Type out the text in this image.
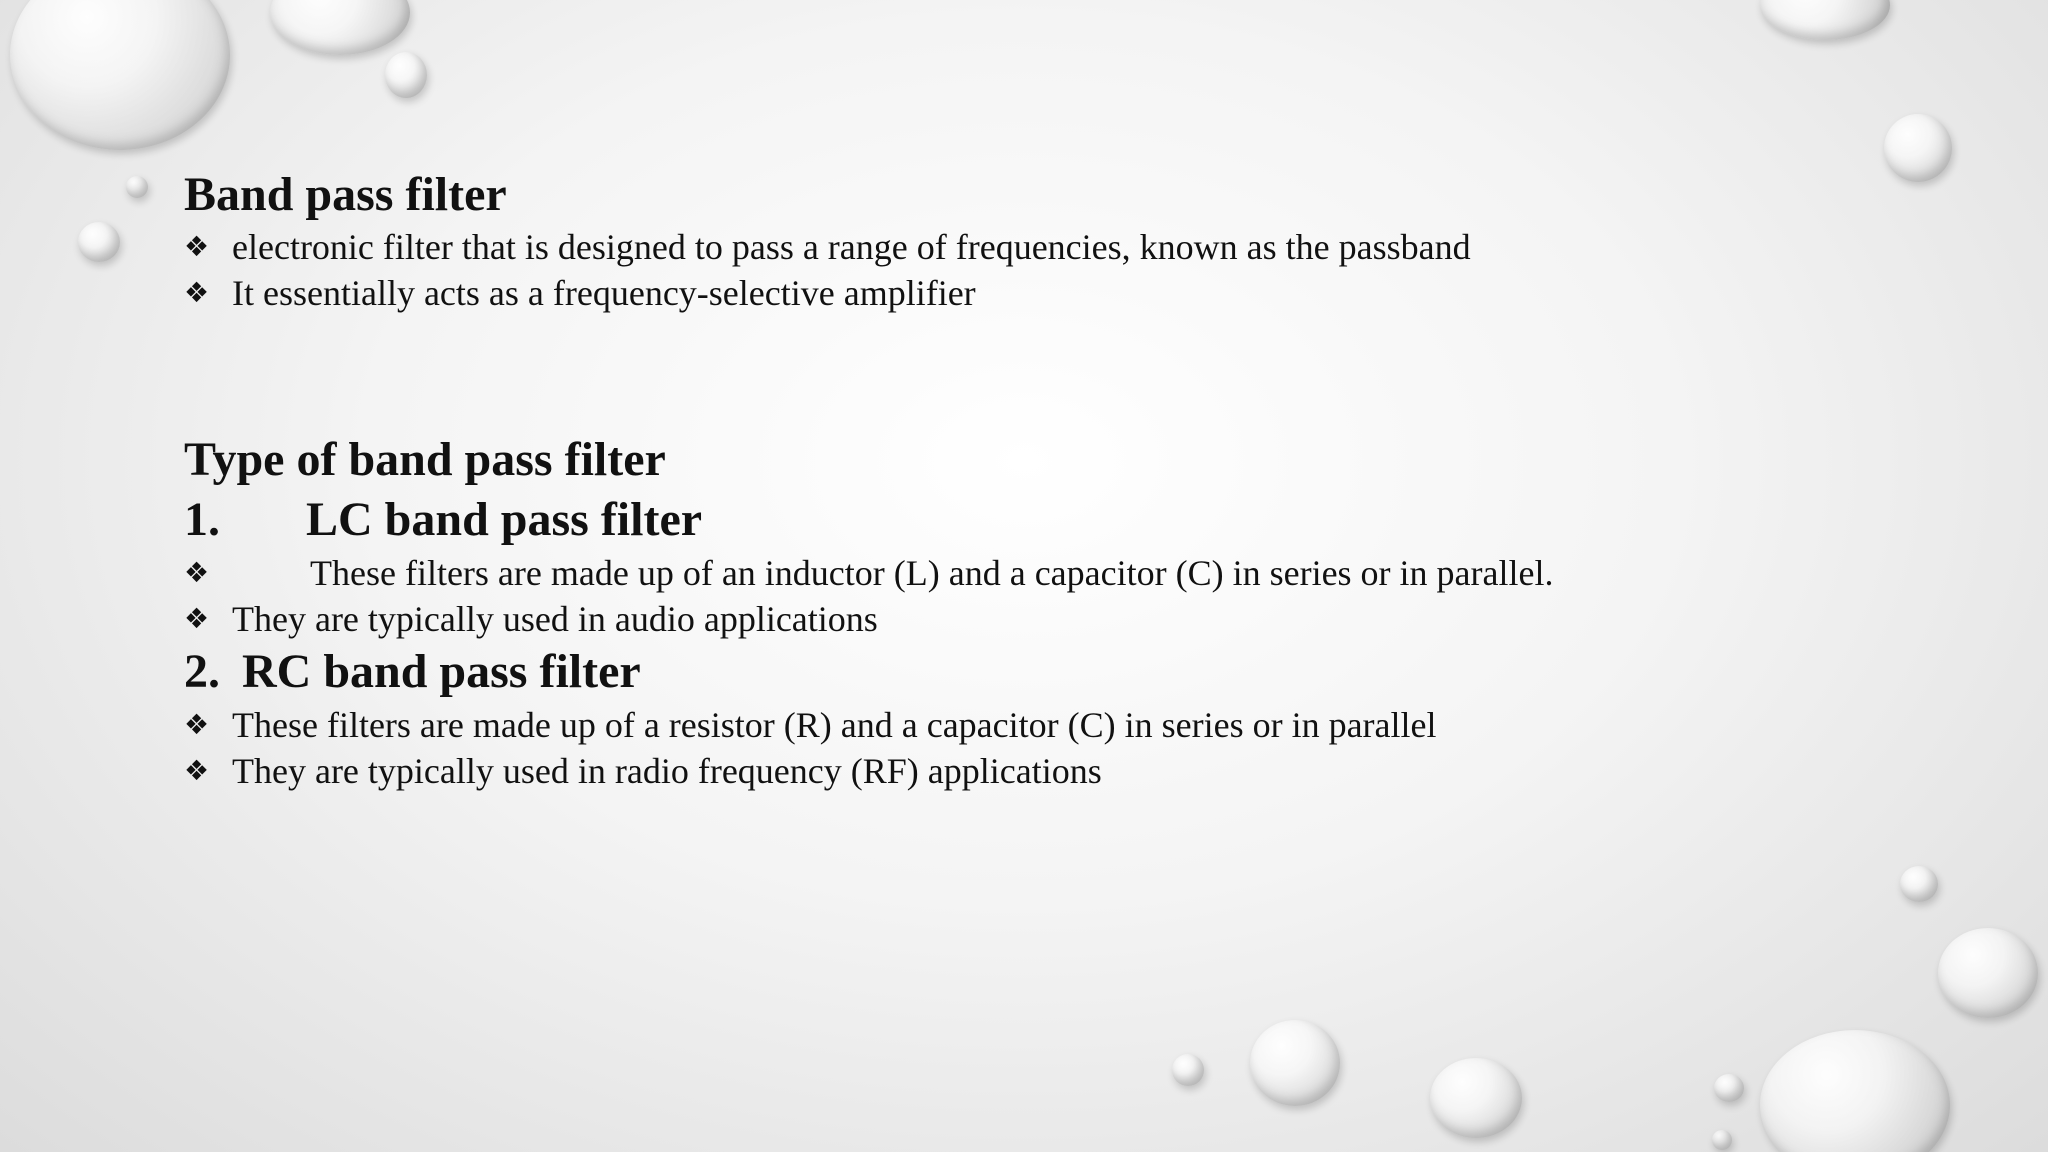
Band pass filter

❖ electronic filter that is designed to pass a range of frequencies, known as the passband

❖ It essentially acts as a frequency-selective amplifier

Type of band pass filter

1. LC band pass filter

❖	These filters are made up of an inductor (L) and a capacitor (C) in series or in parallel.

❖ They are typically used in audio applications

2. RC band pass filter

❖ These filters are made up of a resistor (R) and a capacitor (C) in series or in parallel

❖ They are typically used in radio frequency (RF) applications
